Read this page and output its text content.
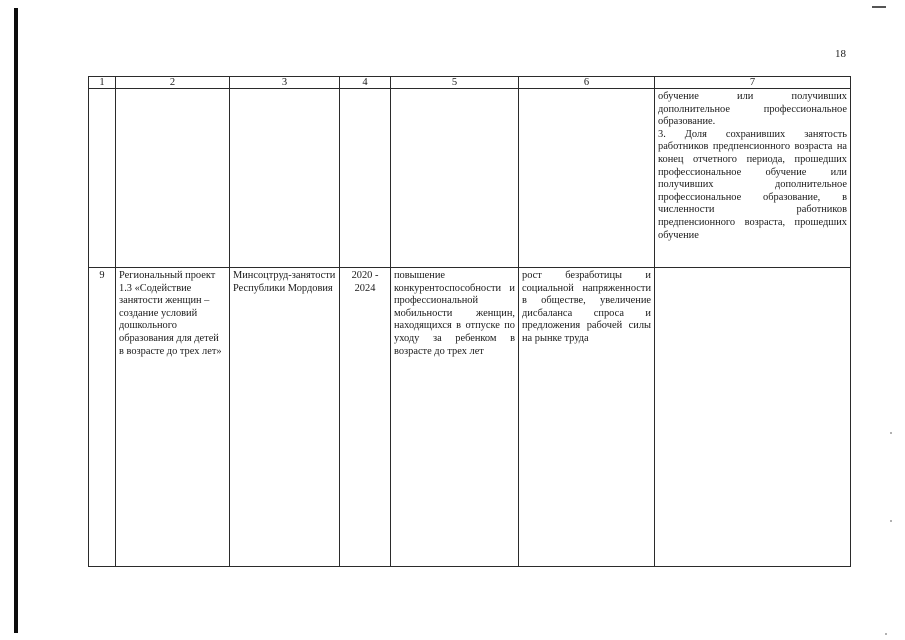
18
1	2	3	4	5	6	7

						обучение или получивших дополнительное профессиональное образование.
3. Доля сохранивших занятость работников предпенсионного возраста на конец отчетного периода, прошедших профессиональное обучение или получивших дополнительное профессиональное образование, в численности работников предпенсионного возраста, прошедших обучение

9	Региональный проект 1.3 «Содействие занятости женщин – создание условий дошкольного образования для детей в возрасте до трех лет»	Минсоцтруд-занятости Республики Мордовия	2020 - 2024	повышение конкурентоспособности и профессиональной мобильности женщин, находящихся в отпуске по уходу за ребенком в возрасте до трех лет	рост безработицы и социальной напряженности в обществе, увеличение дисбаланса спроса и предложения рабочей силы на рынке труда	
